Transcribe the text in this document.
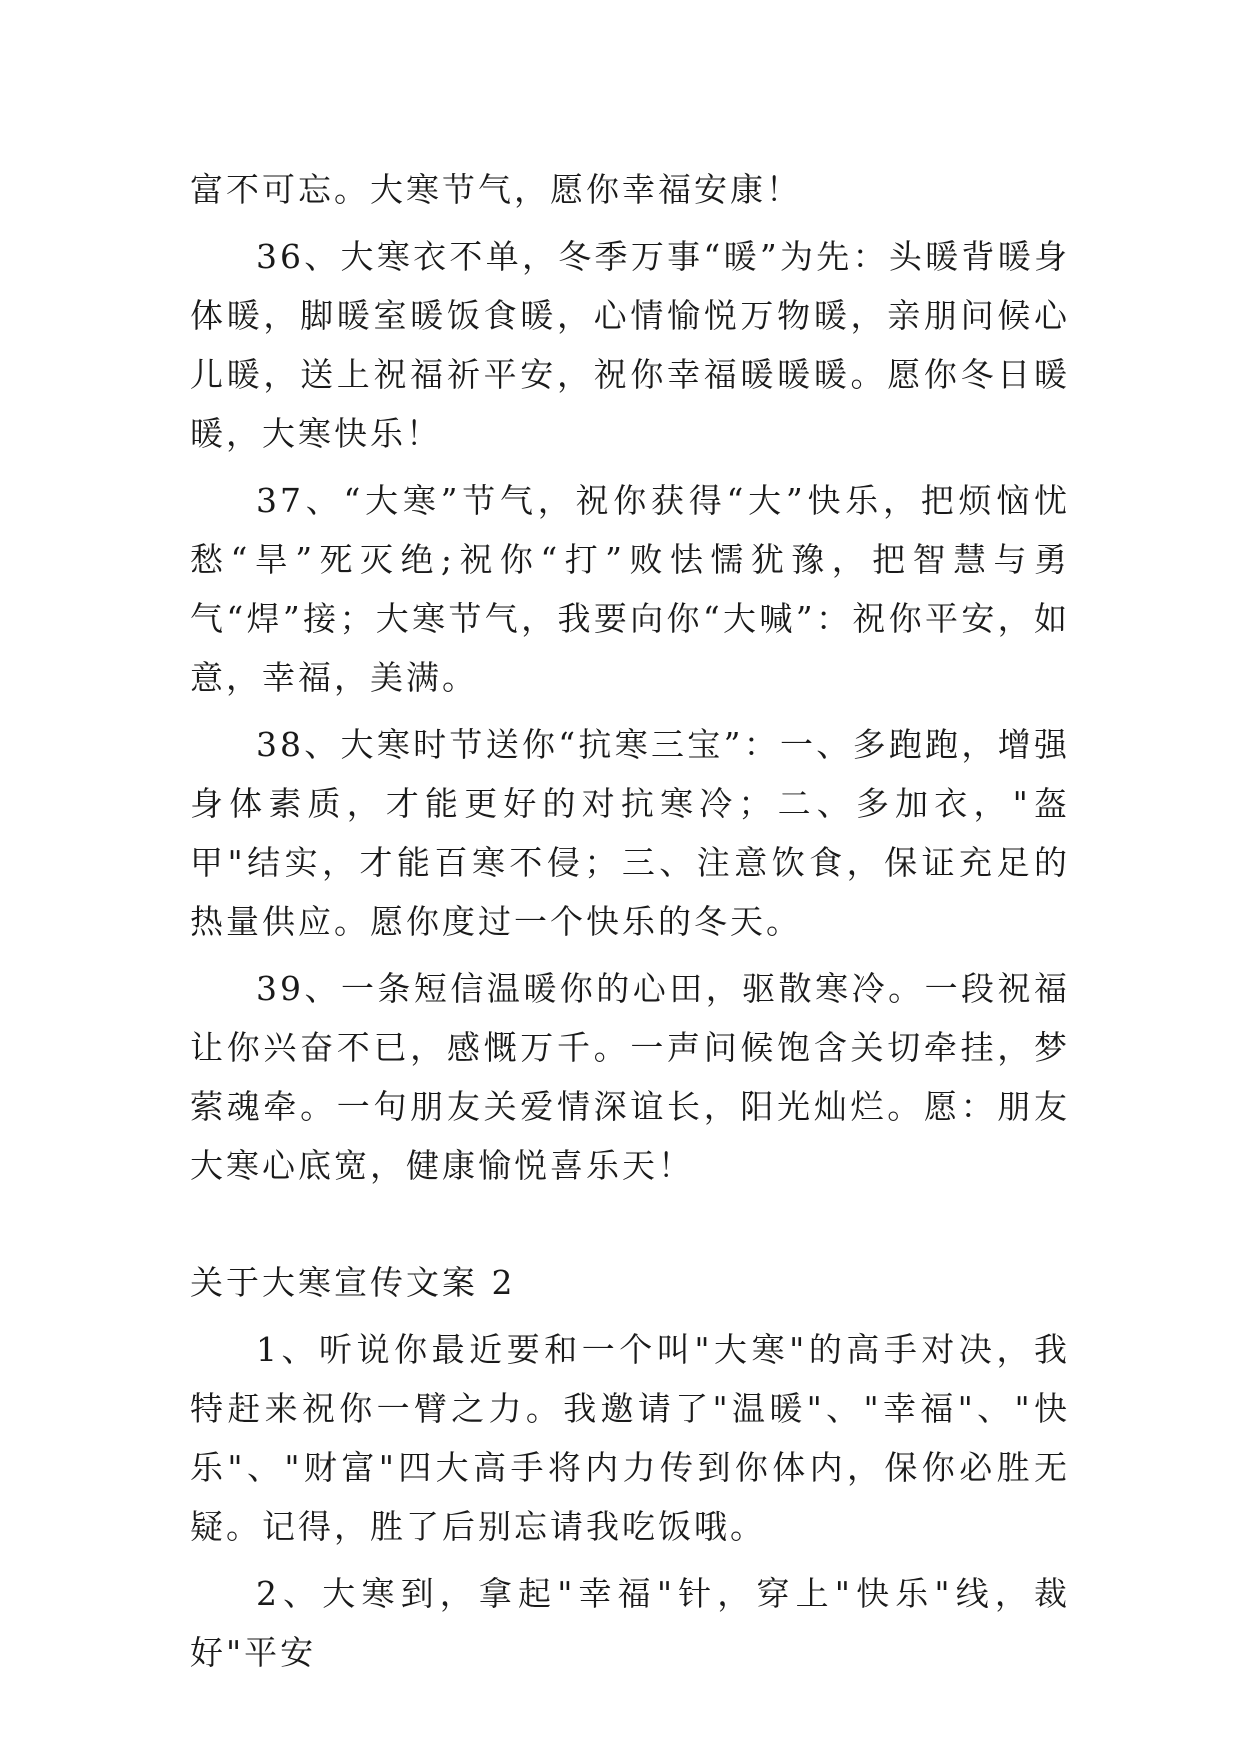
富不可忘。大寒节气，愿你幸福安康！

36、大寒衣不单，冬季万事“暖”为先：头暖背暖身体暖，脚暖室暖饭食暖，心情愉悦万物暖，亲朋问候心儿暖，送上祝福祈平安，祝你幸福暖暖暖。愿你冬日暖暖，大寒快乐！

37、“大寒”节气，祝你获得“大”快乐，把烦恼忧愁“旱”死灭绝;祝你“打”败怯懦犹豫，把智慧与勇气“焊”接；大寒节气，我要向你“大喊”：祝你平安，如意，幸福，美满。

38、大寒时节送你“抗寒三宝”：一、多跑跑，增强身体素质，才能更好的对抗寒冷；二、多加衣，"盔甲"结实，才能百寒不侵；三、注意饮食，保证充足的热量供应。愿你度过一个快乐的冬天。

39、一条短信温暖你的心田，驱散寒冷。一段祝福让你兴奋不已，感慨万千。一声问候饱含关切牵挂，梦萦魂牵。一句朋友关爱情深谊长，阳光灿烂。愿：朋友大寒心底宽，健康愉悦喜乐天！

关于大寒宣传文案 2

1、听说你最近要和一个叫"大寒"的高手对决，我特赶来祝你一臂之力。我邀请了"温暖"、"幸福"、"快乐"、"财富"四大高手将内力传到你体内，保你必胜无疑。记得，胜了后别忘请我吃饭哦。

2、大寒到，拿起"幸福"针，穿上"快乐"线，裁好"平安
